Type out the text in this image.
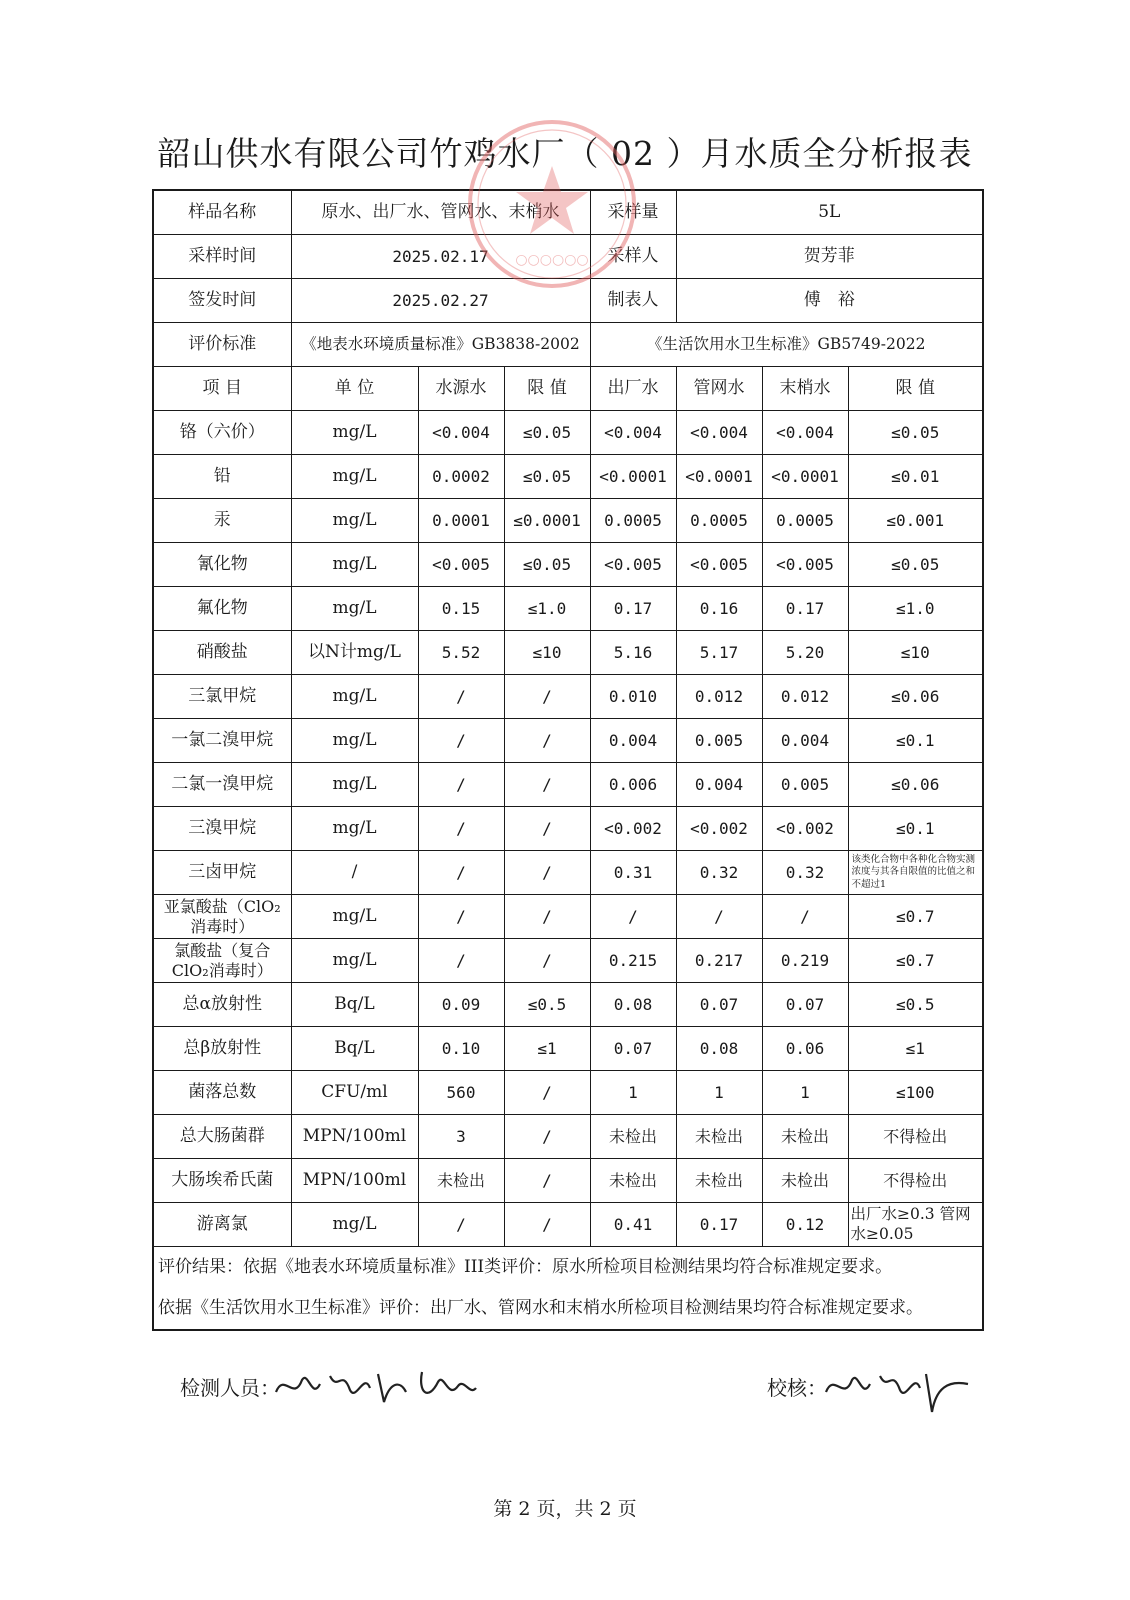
韶山供水有限公司竹鸡水厂（ 02 ）月水质全分析报表
样品名称	原水、出厂水、管网水、末梢水			采样量	5L		
采样时间	2025.02.17			采样人	贺芳菲		
签发时间	2025.02.27			制表人	傅　裕		
评价标准	《地表水环境质量标准》GB3838-2002			《生活饮用水卫生标准》GB5749-2022			
项 目	单 位	水源水	限 值	出厂水	管网水	末梢水	限 值
铬（六价）	mg/L	<0.004	≤0.05	<0.004	<0.004	<0.004	≤0.05
铅	mg/L	0.0002	≤0.05	<0.0001	<0.0001	<0.0001	≤0.01
汞	mg/L	0.0001	≤0.0001	0.0005	0.0005	0.0005	≤0.001
氰化物	mg/L	<0.005	≤0.05	<0.005	<0.005	<0.005	≤0.05
氟化物	mg/L	0.15	≤1.0	0.17	0.16	0.17	≤1.0
硝酸盐	以N计mg/L	5.52	≤10	5.16	5.17	5.20	≤10
三氯甲烷	mg/L	/	/	0.010	0.012	0.012	≤0.06
一氯二溴甲烷	mg/L	/	/	0.004	0.005	0.004	≤0.1
二氯一溴甲烷	mg/L	/	/	0.006	0.004	0.005	≤0.06
三溴甲烷	mg/L	/	/	<0.002	<0.002	<0.002	≤0.1
三卤甲烷	/	/	/	0.31	0.32	0.32	该类化合物中各种化合物实测浓度与其各自限值的比值之和不超过1
亚氯酸盐（ClO₂消毒时）	mg/L	/	/	/	/	/	≤0.7
氯酸盐（复合ClO₂消毒时）	mg/L	/	/	0.215	0.217	0.219	≤0.7
总α放射性	Bq/L	0.09	≤0.5	0.08	0.07	0.07	≤0.5
总β放射性	Bq/L	0.10	≤1	0.07	0.08	0.06	≤1
菌落总数	CFU/ml	560	/	1	1	1	≤100
总大肠菌群	MPN/100ml	3	/	未检出	未检出	未检出	不得检出
大肠埃希氏菌	MPN/100ml	未检出	/	未检出	未检出	未检出	不得检出
游离氯	mg/L	/	/	0.41	0.17	0.12	出厂水≥0.3 管网水≥0.05
评价结果：依据《地表水环境质量标准》III类评价：原水所检项目检测结果均符合标准规定要求。							
依据《生活饮用水卫生标准》评价：出厂水、管网水和末梢水所检项目检测结果均符合标准规定要求。							
○○○○○○
检测人员：	校核：
第 2 页，共 2 页
